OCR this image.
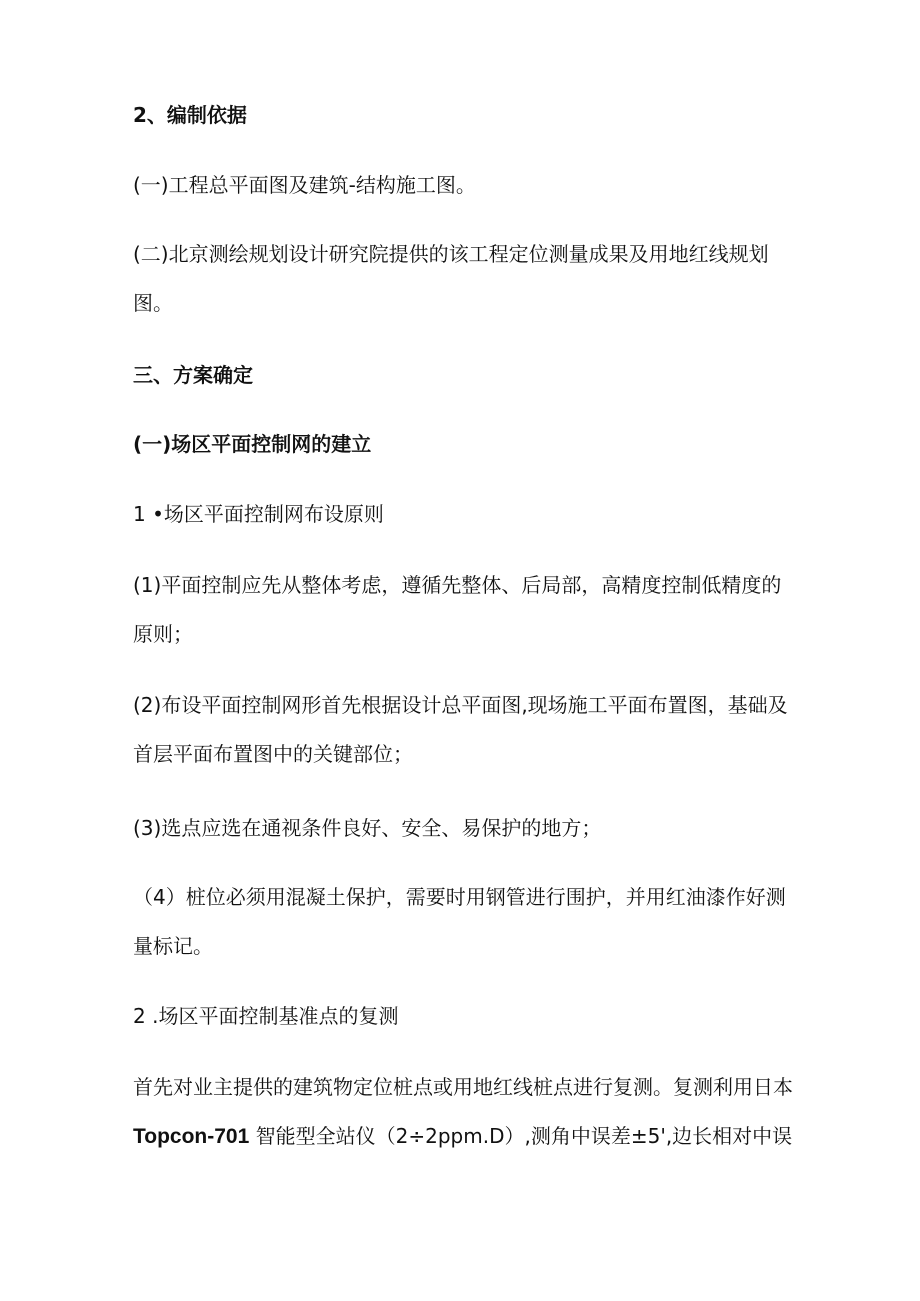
2、编制依据
(一)工程总平面图及建筑-结构施工图。
(二)北京测绘规划设计研究院提供的该工程定位测量成果及用地红线规划
图。
三、方案确定
(一)场区平面控制网的建立
1 •场区平面控制网布设原则
(1)平面控制应先从整体考虑，遵循先整体、后局部，高精度控制低精度的
原则；
(2)布设平面控制网形首先根据设计总平面图,现场施工平面布置图，基础及
首层平面布置图中的关键部位；
(3)选点应选在通视条件良好、安全、易保护的地方；
（4）桩位必须用混凝土保护，需要时用钢管进行围护，并用红油漆作好测
量标记。
2 .场区平面控制基准点的复测
首先对业主提供的建筑物定位桩点或用地红线桩点进行复测。复测利用日本
Topcon-701 智能型全站仪（2÷2ppm.D）,测角中误差±5',边长相对中误
